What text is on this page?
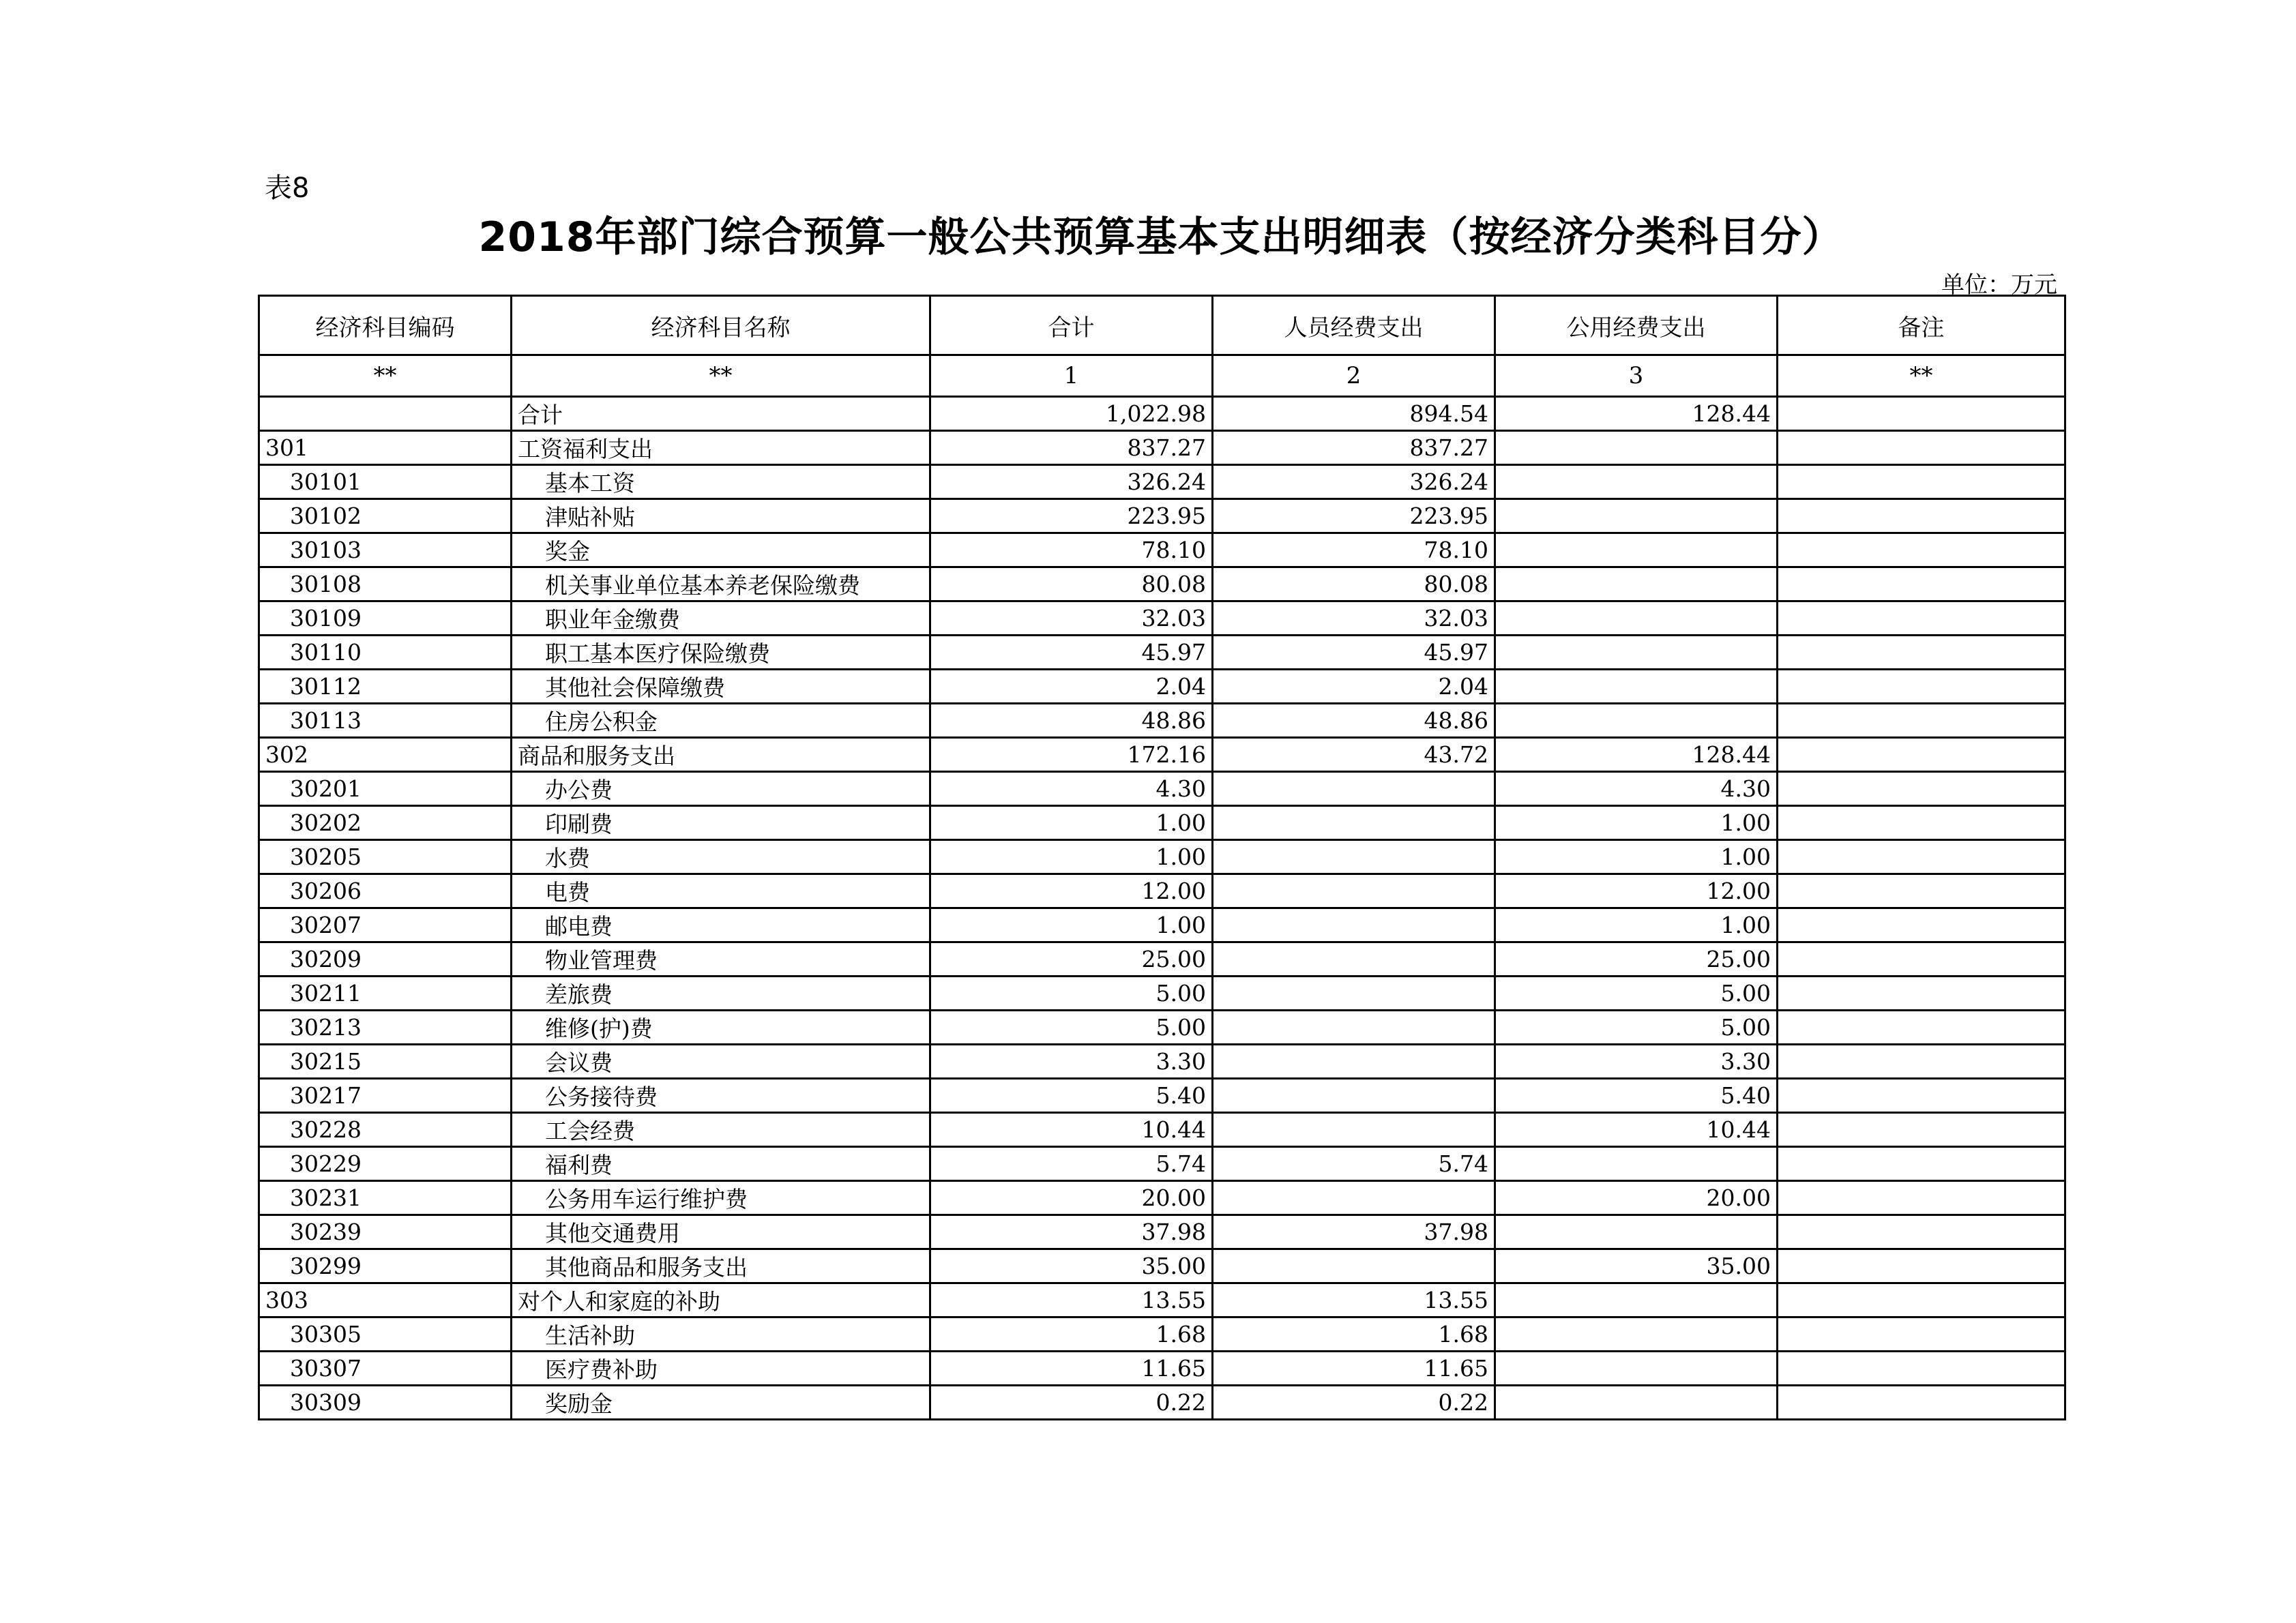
表8
2018年部门综合预算一般公共预算基本支出明细表（按经济分类科目分）
单位：万元
经济科目编码	经济科目名称	合计	人员经费支出	公用经费支出	备注
**	**	1	2	3	**
	合计	1,022.98	894.54	128.44	
301	工资福利支出	837.27	837.27		
30101	基本工资	326.24	326.24		
30102	津贴补贴	223.95	223.95		
30103	奖金	78.10	78.10		
30108	机关事业单位基本养老保险缴费	80.08	80.08		
30109	职业年金缴费	32.03	32.03		
30110	职工基本医疗保险缴费	45.97	45.97		
30112	其他社会保障缴费	2.04	2.04		
30113	住房公积金	48.86	48.86		
302	商品和服务支出	172.16	43.72	128.44	
30201	办公费	4.30		4.30	
30202	印刷费	1.00		1.00	
30205	水费	1.00		1.00	
30206	电费	12.00		12.00	
30207	邮电费	1.00		1.00	
30209	物业管理费	25.00		25.00	
30211	差旅费	5.00		5.00	
30213	维修(护)费	5.00		5.00	
30215	会议费	3.30		3.30	
30217	公务接待费	5.40		5.40	
30228	工会经费	10.44		10.44	
30229	福利费	5.74	5.74		
30231	公务用车运行维护费	20.00		20.00	
30239	其他交通费用	37.98	37.98		
30299	其他商品和服务支出	35.00		35.00	
303	对个人和家庭的补助	13.55	13.55		
30305	生活补助	1.68	1.68		
30307	医疗费补助	11.65	11.65		
30309	奖励金	0.22	0.22		
